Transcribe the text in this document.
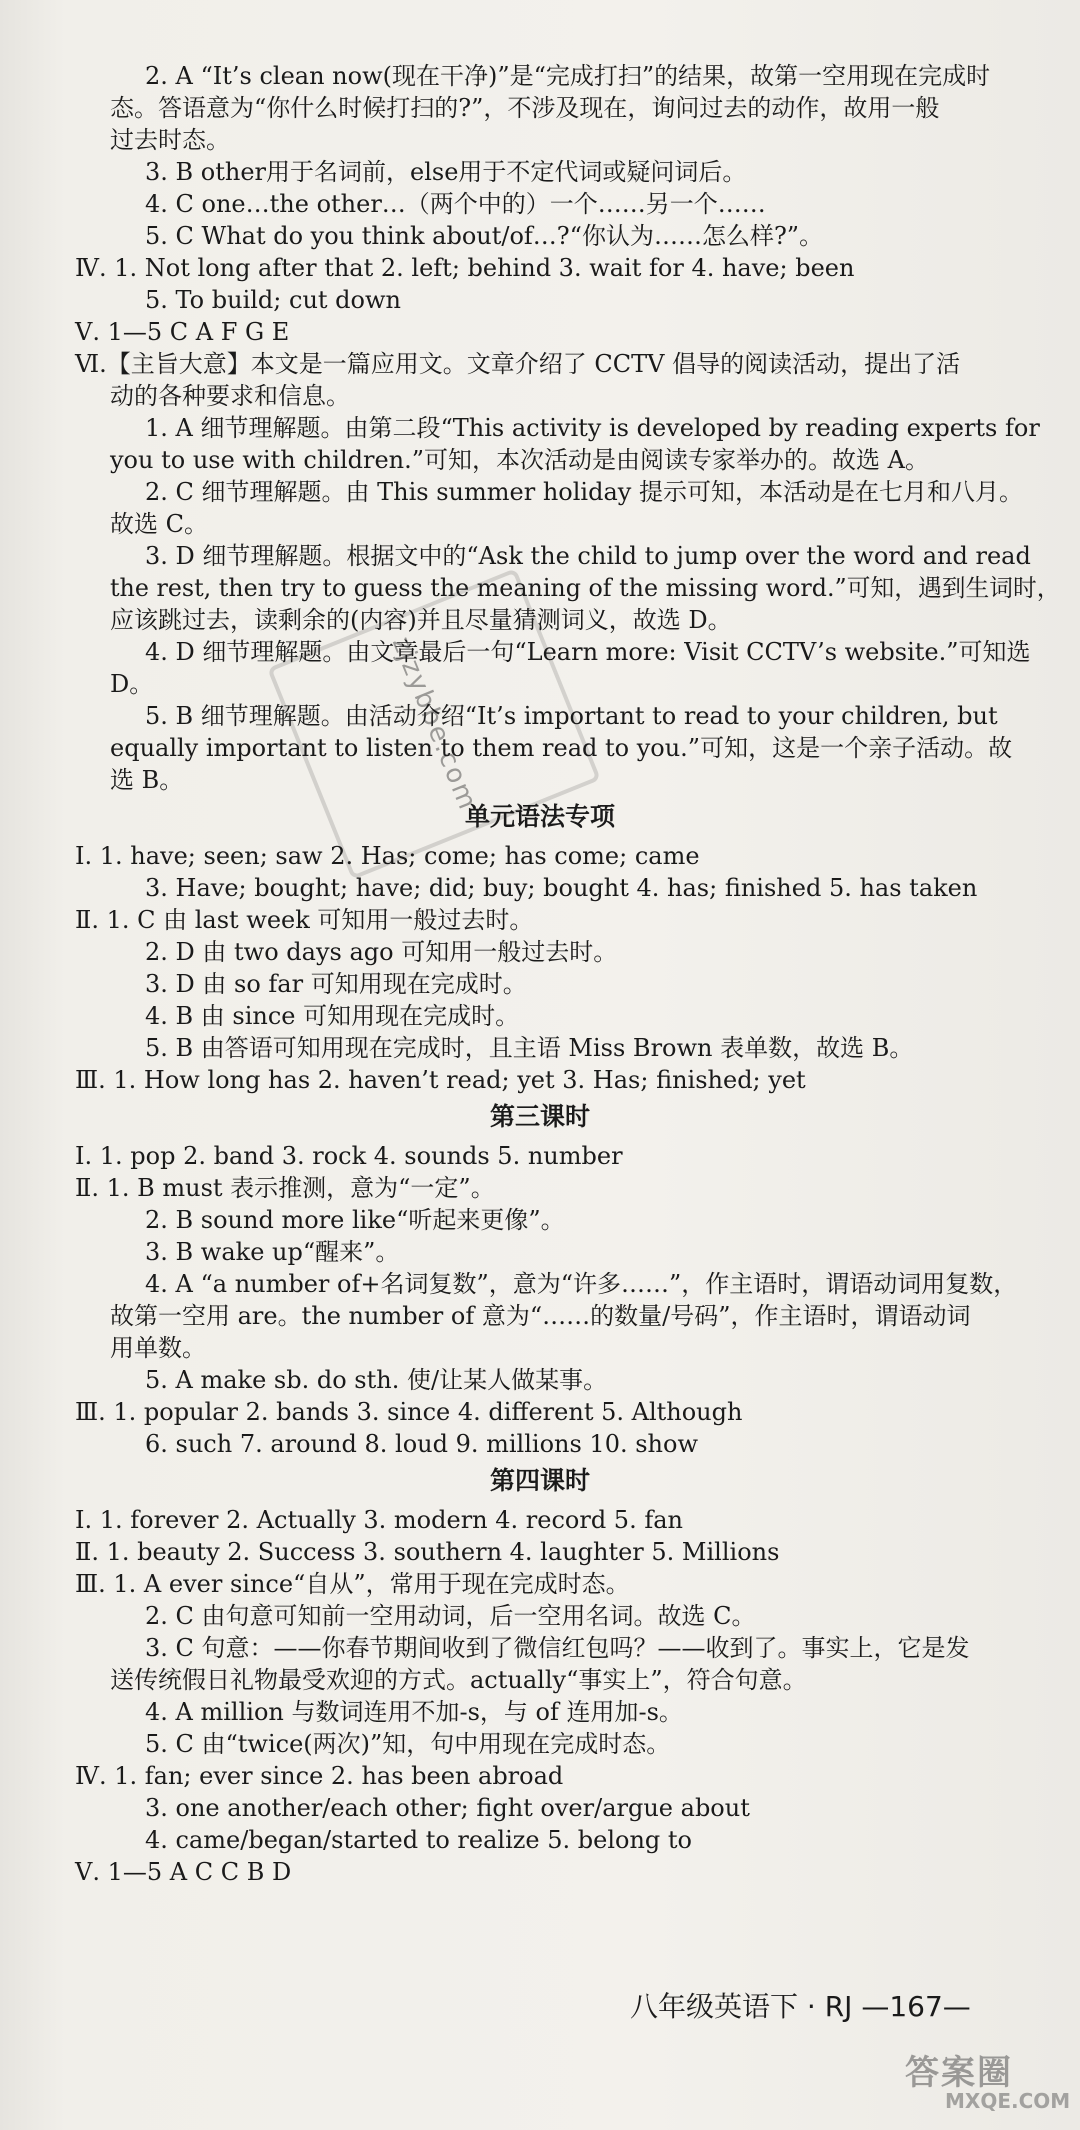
zjzybbe.com
2. A “It’s clean now(现在干净)”是“完成打扫”的结果，故第一空用现在完成时
态。答语意为“你什么时候打扫的?”，不涉及现在，询问过去的动作，故用一般
过去时态。
3. B other用于名词前，else用于不定代词或疑问词后。
4. C one…the other…（两个中的）一个……另一个……
5. C What do you think about/of…?“你认为……怎么样?”。
Ⅳ. 1. Not long after that 2. left; behind 3. wait for 4. have; been
5. To build; cut down
Ⅴ. 1—5 C A F G E
Ⅵ.【主旨大意】本文是一篇应用文。文章介绍了 CCTV 倡导的阅读活动，提出了活
动的各种要求和信息。
1. A 细节理解题。由第二段“This activity is developed by reading experts for
you to use with children.”可知，本次活动是由阅读专家举办的。故选 A。
2. C 细节理解题。由 This summer holiday 提示可知，本活动是在七月和八月。
故选 C。
3. D 细节理解题。根据文中的“Ask the child to jump over the word and read
the rest, then try to guess the meaning of the missing word.”可知，遇到生词时，
应该跳过去，读剩余的(内容)并且尽量猜测词义，故选 D。
4. D 细节理解题。由文章最后一句“Learn more: Visit CCTV’s website.”可知选
D。
5. B 细节理解题。由活动介绍“It’s important to read to your children, but
equally important to listen to them read to you.”可知，这是一个亲子活动。故
选 B。
单元语法专项
Ⅰ. 1. have; seen; saw 2. Has; come; has come; came
3. Have; bought; have; did; buy; bought 4. has; finished 5. has taken
Ⅱ. 1. C 由 last week 可知用一般过去时。
2. D 由 two days ago 可知用一般过去时。
3. D 由 so far 可知用现在完成时。
4. B 由 since 可知用现在完成时。
5. B 由答语可知用现在完成时，且主语 Miss Brown 表单数，故选 B。
Ⅲ. 1. How long has 2. haven’t read; yet 3. Has; finished; yet
第三课时
Ⅰ. 1. pop 2. band 3. rock 4. sounds 5. number
Ⅱ. 1. B must 表示推测，意为“一定”。
2. B sound more like“听起来更像”。
3. B wake up“醒来”。
4. A “a number of+名词复数”，意为“许多……”，作主语时，谓语动词用复数，
故第一空用 are。the number of 意为“……的数量/号码”，作主语时，谓语动词
用单数。
5. A make sb. do sth. 使/让某人做某事。
Ⅲ. 1. popular 2. bands 3. since 4. different 5. Although
6. such 7. around 8. loud 9. millions 10. show
第四课时
Ⅰ. 1. forever 2. Actually 3. modern 4. record 5. fan
Ⅱ. 1. beauty 2. Success 3. southern 4. laughter 5. Millions
Ⅲ. 1. A ever since“自从”，常用于现在完成时态。
2. C 由句意可知前一空用动词，后一空用名词。故选 C。
3. C 句意：——你春节期间收到了微信红包吗？——收到了。事实上，它是发
送传统假日礼物最受欢迎的方式。actually“事实上”，符合句意。
4. A million 与数词连用不加-s，与 of 连用加-s。
5. C 由“twice(两次)”知，句中用现在完成时态。
Ⅳ. 1. fan; ever since 2. has been abroad
3. one another/each other; fight over/argue about
4. came/began/started to realize 5. belong to
Ⅴ. 1—5 A C C B D
八年级英语下 · RJ —167—
答案圈
MXQE.COM
